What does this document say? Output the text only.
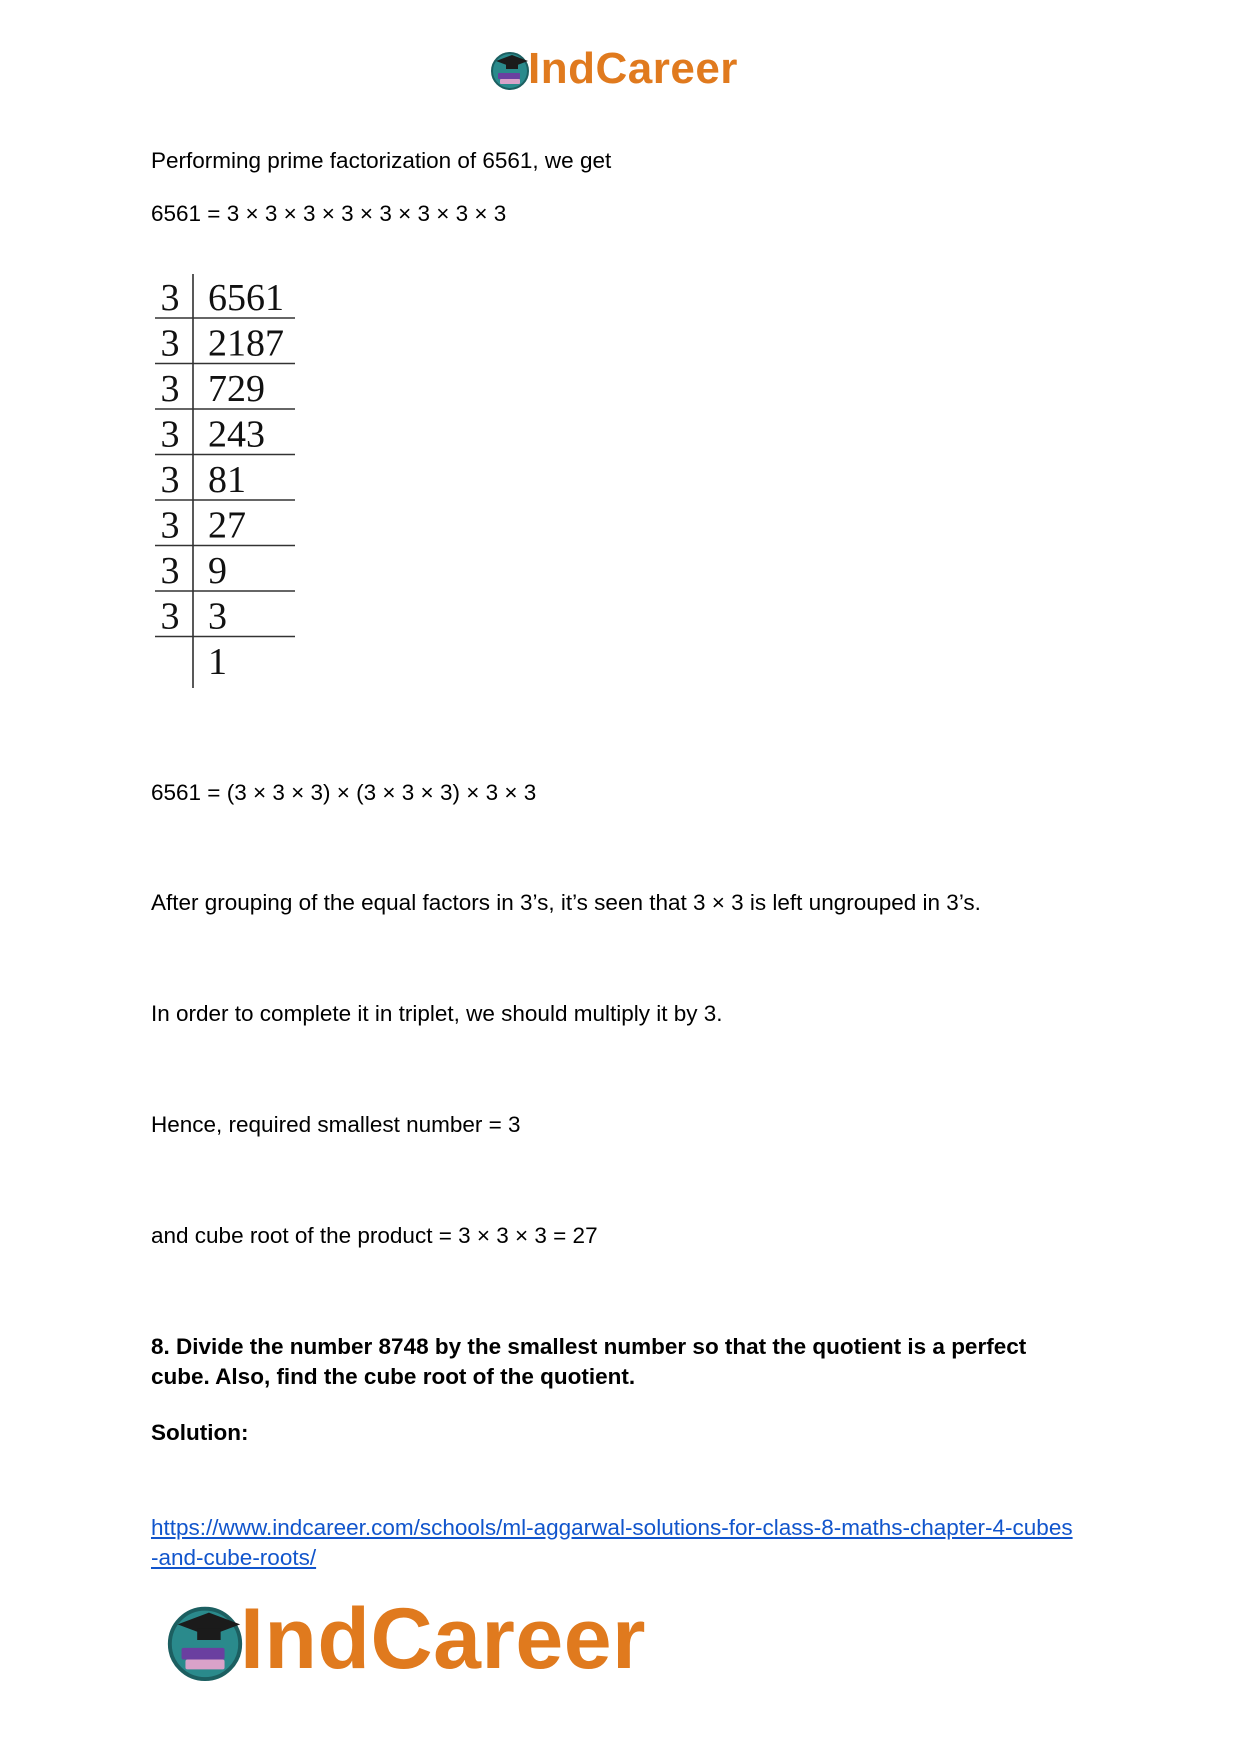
IndCareer

Performing prime factorization of 6561, we get

6561 = 3 × 3 × 3 × 3 × 3 × 3 × 3 × 3

3 6561
3 2187
3 729
3 243
3 81
3 27
3 9
3 3
1

6561 = (3 × 3 × 3) × (3 × 3 × 3) × 3 × 3

After grouping of the equal factors in 3’s, it’s seen that 3 × 3 is left ungrouped in 3’s.

In order to complete it in triplet, we should multiply it by 3.

Hence, required smallest number = 3

and cube root of the product = 3 × 3 × 3 = 27

8. Divide the number 8748 by the smallest number so that the quotient is a perfect

cube. Also, find the cube root of the quotient.

Solution:

https://www.indcareer.com/schools/ml-aggarwal-solutions-for-class-8-maths-chapter-4-cubes

-and-cube-roots/

IndCareer
